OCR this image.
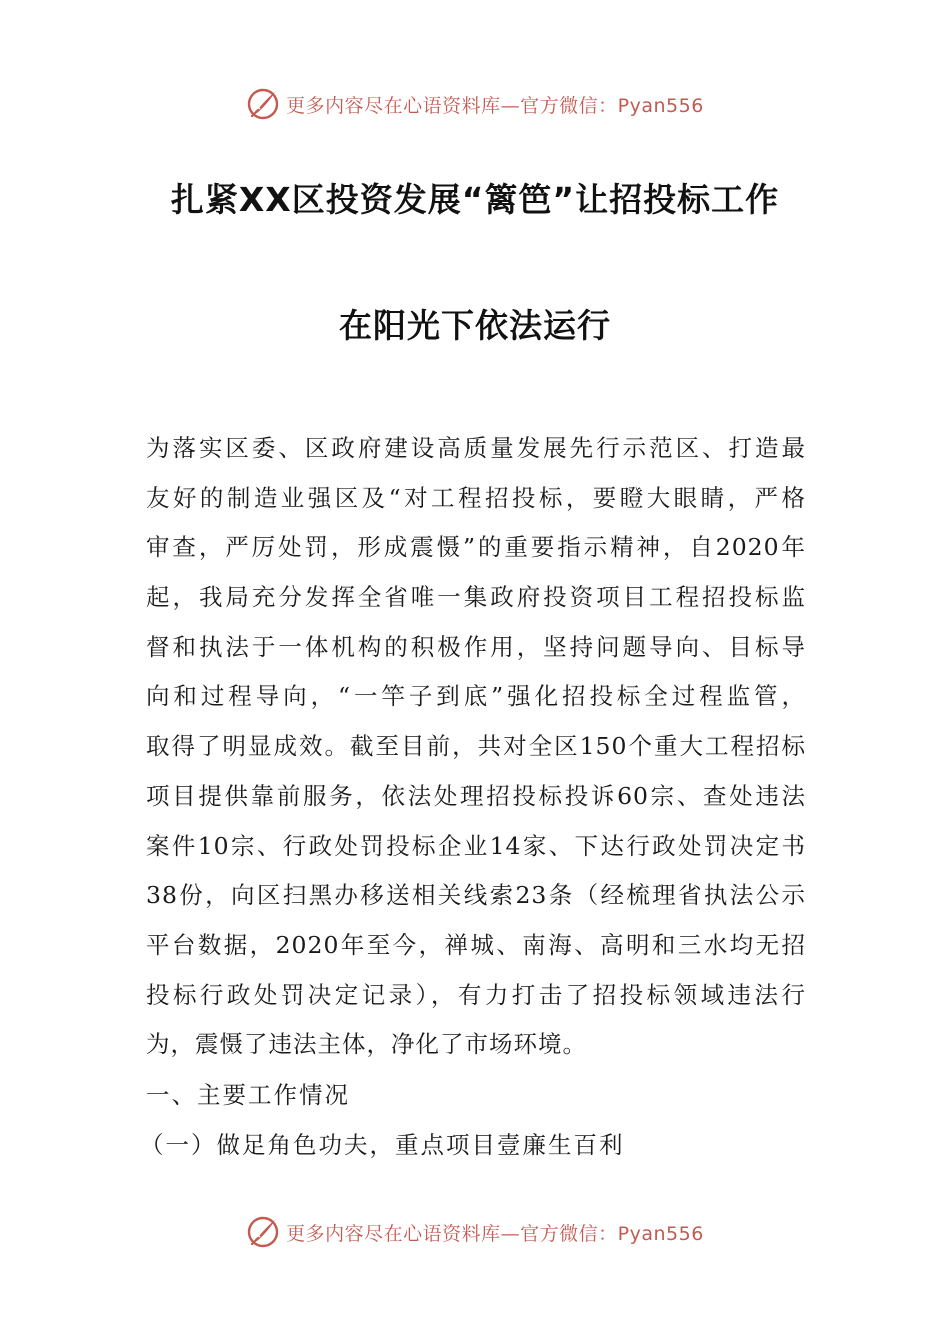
更多内容尽在心语资料库—官方微信：Pyan556
扎紧XX区投资发展“篱笆”让招投标工作
在阳光下依法运行
为落实区委、区政府建设高质量发展先行示范区、打造最
友好的制造业强区及“对工程招投标，要瞪大眼睛，严格
审查，严厉处罚，形成震慑”的重要指示精神，自2020年
起，我局充分发挥全省唯一集政府投资项目工程招投标监
督和执法于一体机构的积极作用，坚持问题导向、目标导
向和过程导向，“一竿子到底”强化招投标全过程监管，
取得了明显成效。截至目前，共对全区150个重大工程招标
项目提供靠前服务，依法处理招投标投诉60宗、查处违法
案件10宗、行政处罚投标企业14家、下达行政处罚决定书
38份，向区扫黑办移送相关线索23条（经梳理省执法公示
平台数据，2020年至今，禅城、南海、高明和三水均无招
投标行政处罚决定记录），有力打击了招投标领域违法行
为，震慑了违法主体，净化了市场环境。
一、主要工作情况
（一）做足角色功夫，重点项目壹廉生百利
更多内容尽在心语资料库—官方微信：Pyan556
